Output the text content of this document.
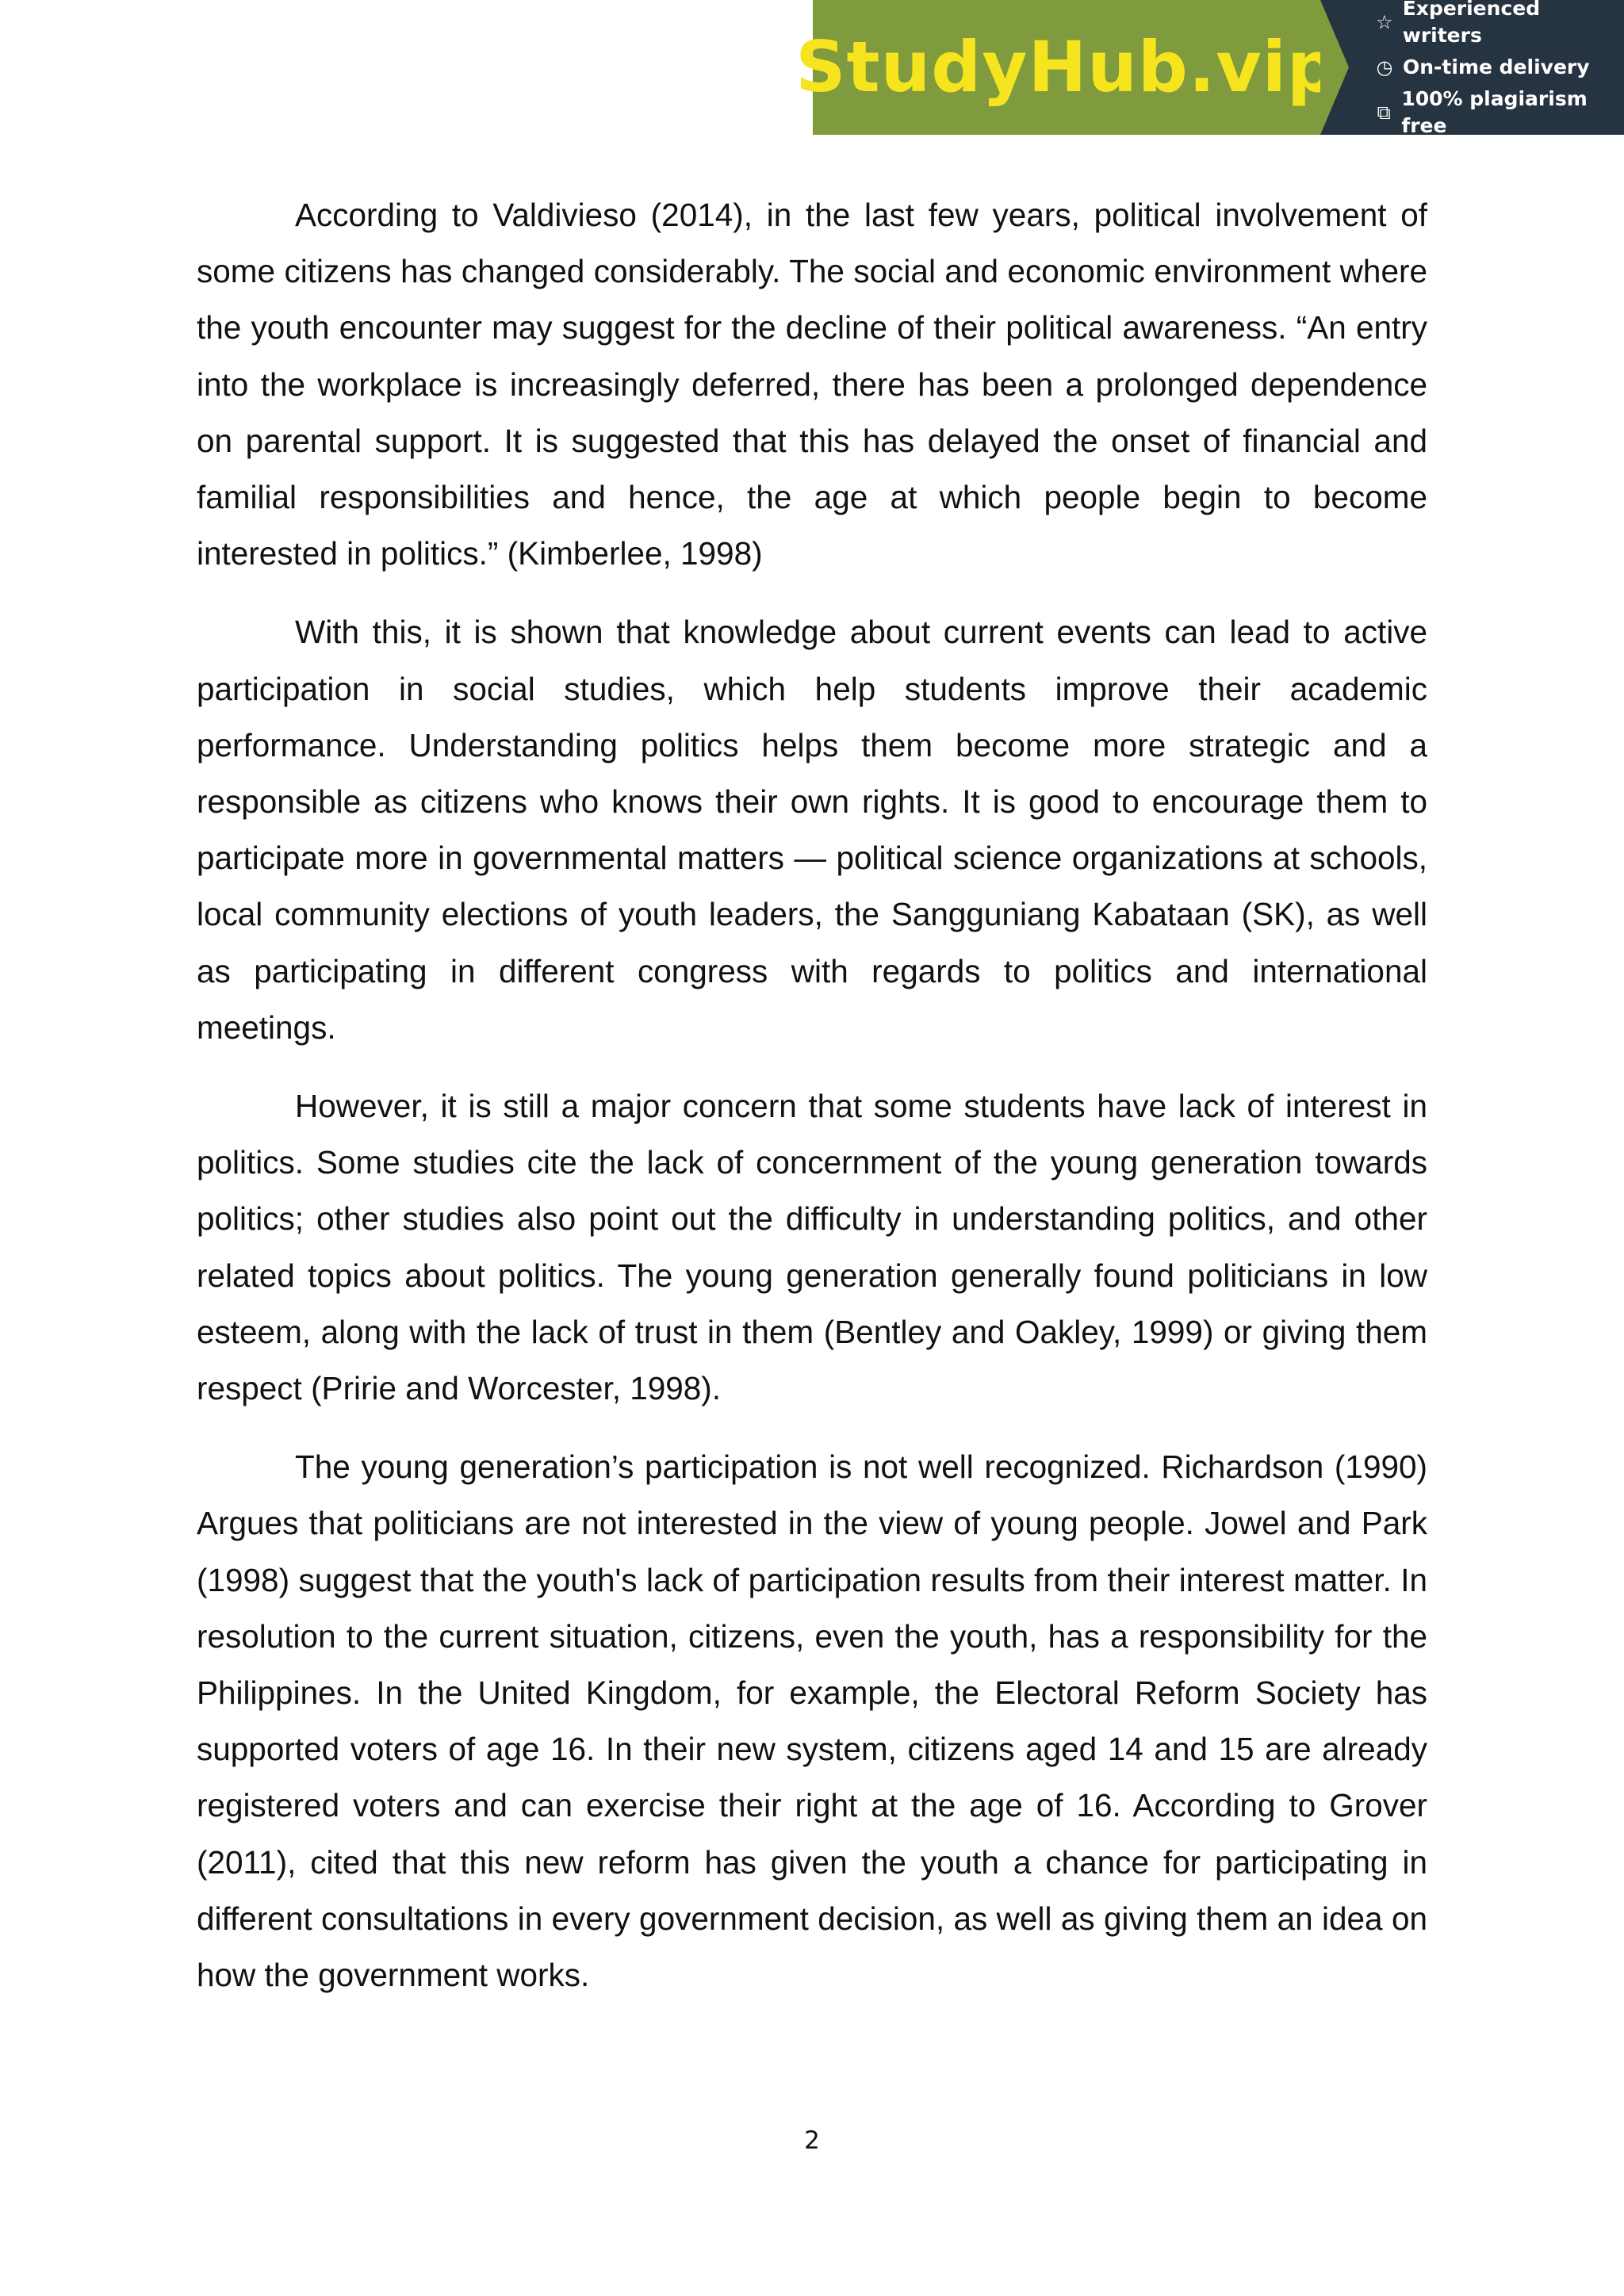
StudyHub.vip
☆
Experienced writers
◷ On-time delivery
⧉
100% plagiarism free

According to Valdivieso (2014), in the last few years, political involvement of some citizens has changed considerably. The social and economic environment where the youth encounter may suggest for the decline of their political awareness. “An entry into the workplace is increasingly deferred, there has been a prolonged dependence on parental support. It is suggested that this has delayed the onset of financial and familial responsibilities and hence, the age at which people begin to become interested in politics.” (Kimberlee, 1998)

With this, it is shown that knowledge about current events can lead to active participation in social studies, which help students improve their academic performance. Understanding politics helps them become more strategic and a responsible as citizens who knows their own rights. It is good to encourage them to participate more in governmental matters — political science organizations at schools, local community elections of youth leaders, the Sangguniang Kabataan (SK), as well as participating in different congress with regards to politics and international meetings.

However, it is still a major concern that some students have lack of interest in politics. Some studies cite the lack of concernment of the young generation towards politics; other studies also point out the difficulty in understanding politics, and other related topics about politics. The young generation generally found politicians in low esteem, along with the lack of trust in them (Bentley and Oakley, 1999) or giving them respect (Pririe and Worcester, 1998).

The young generation’s participation is not well recognized. Richardson (1990) Argues that politicians are not interested in the view of young people. Jowel and Park (1998) suggest that the youth's lack of participation results from their interest matter. In resolution to the current situation, citizens, even the youth, has a responsibility for the Philippines. In the United Kingdom, for example, the Electoral Reform Society has supported voters of age 16. In their new system, citizens aged 14 and 15 are already registered voters and can exercise their right at the age of 16. According to Grover (2011), cited that this new reform has given the youth a chance for participating in different consultations in every government decision, as well as giving them an idea on how the government works.

2
